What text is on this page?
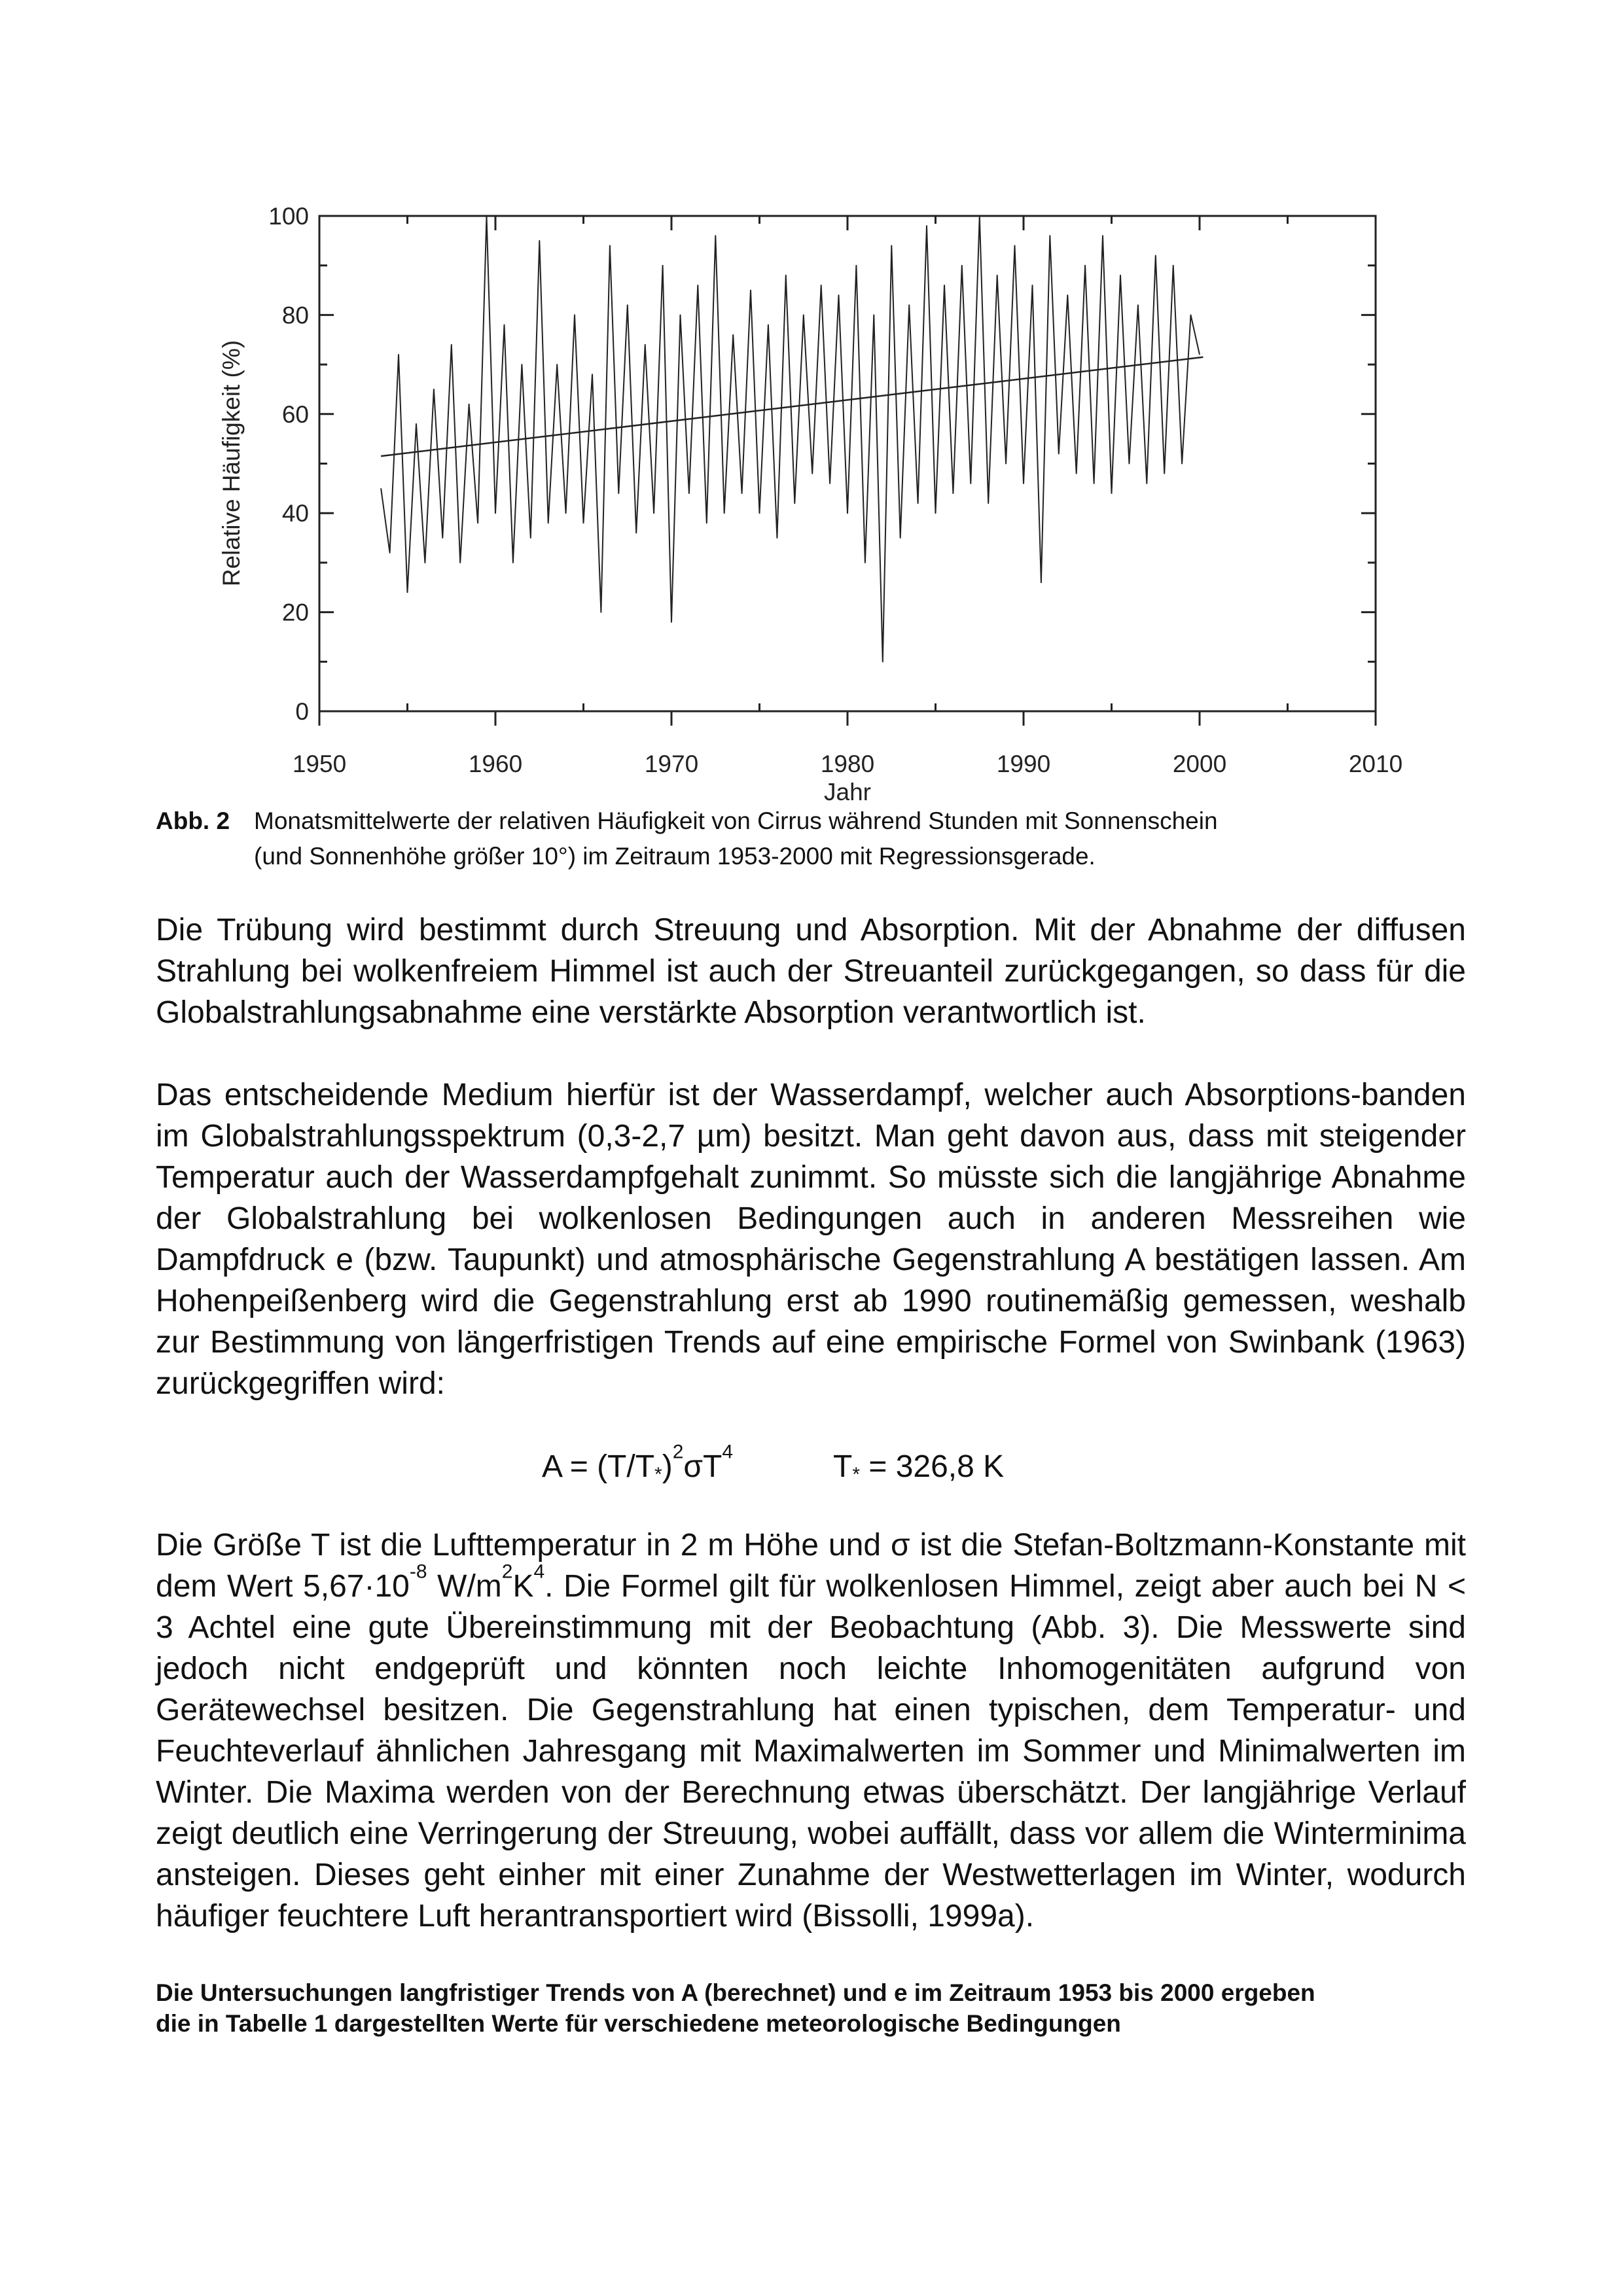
0
20
40
60
80
100
1950	1960	1970	1980	1990	2000	2010
Relative Häufigkeit (%)
Jahr
Abb. 2 Monatsmittelwerte der relativen Häufigkeit von Cirrus während Stunden mit Sonnenschein
(und Sonnenhöhe größer 10°) im Zeitraum 1953-2000 mit Regressionsgerade.

Die Trübung wird bestimmt durch Streuung und Absorption. Mit der Abnahme der diffusen Strahlung bei wolkenfreiem Himmel ist auch der Streuanteil zurückgegangen, so dass für die Globalstrahlungsabnahme eine verstärkte Absorption verantwortlich ist.

Das entscheidende Medium hierfür ist der Wasserdampf, welcher auch Absorptions-banden im Globalstrahlungsspektrum (0,3-2,7 µm) besitzt. Man geht davon aus, dass mit steigender Temperatur auch der Wasserdampfgehalt zunimmt. So müsste sich die langjährige Abnahme der Globalstrahlung bei wolkenlosen Bedingungen auch in anderen Messreihen wie Dampfdruck e (bzw. Taupunkt) und atmosphärische Gegenstrahlung A bestätigen lassen. Am Hohenpeißenberg wird die Gegenstrahlung erst ab 1990 routinemäßig gemessen, weshalb zur Bestimmung von längerfristigen Trends auf eine empirische Formel von Swinbank (1963) zurückgegriffen wird:

$A = (T/T_*)^2\sigma T^4$	$T_* = 326,8$ K

Die Größe T ist die Lufttemperatur in 2 m Höhe und σ ist die Stefan-Boltzmann-Konstante mit dem Wert $5,67\cdot 10^{-8}$ $W/m^2K^4$. Die Formel gilt für wolkenlosen Himmel, zeigt aber auch bei N < 3 Achtel eine gute Übereinstimmung mit der Beobachtung (Abb. 3). Die Messwerte sind jedoch nicht endgeprüft und könnten noch leichte Inhomogenitäten aufgrund von Gerätewechsel besitzen. Die Gegenstrahlung hat einen typischen, dem Temperatur- und Feuchteverlauf ähnlichen Jahresgang mit Maximalwerten im Sommer und Minimalwerten im Winter. Die Maxima werden von der Berechnung etwas überschätzt. Der langjährige Verlauf zeigt deutlich eine Verringerung der Streuung, wobei auffällt, dass vor allem die Winterminima ansteigen. Dieses geht einher mit einer Zunahme der Westwetterlagen im Winter, wodurch häufiger feuchtere Luft herantransportiert wird (Bissolli, 1999a).

Die Untersuchungen langfristiger Trends von A (berechnet) und e im Zeitraum 1953 bis 2000 ergeben
die in Tabelle 1 dargestellten Werte für verschiedene meteorologische Bedingungen
